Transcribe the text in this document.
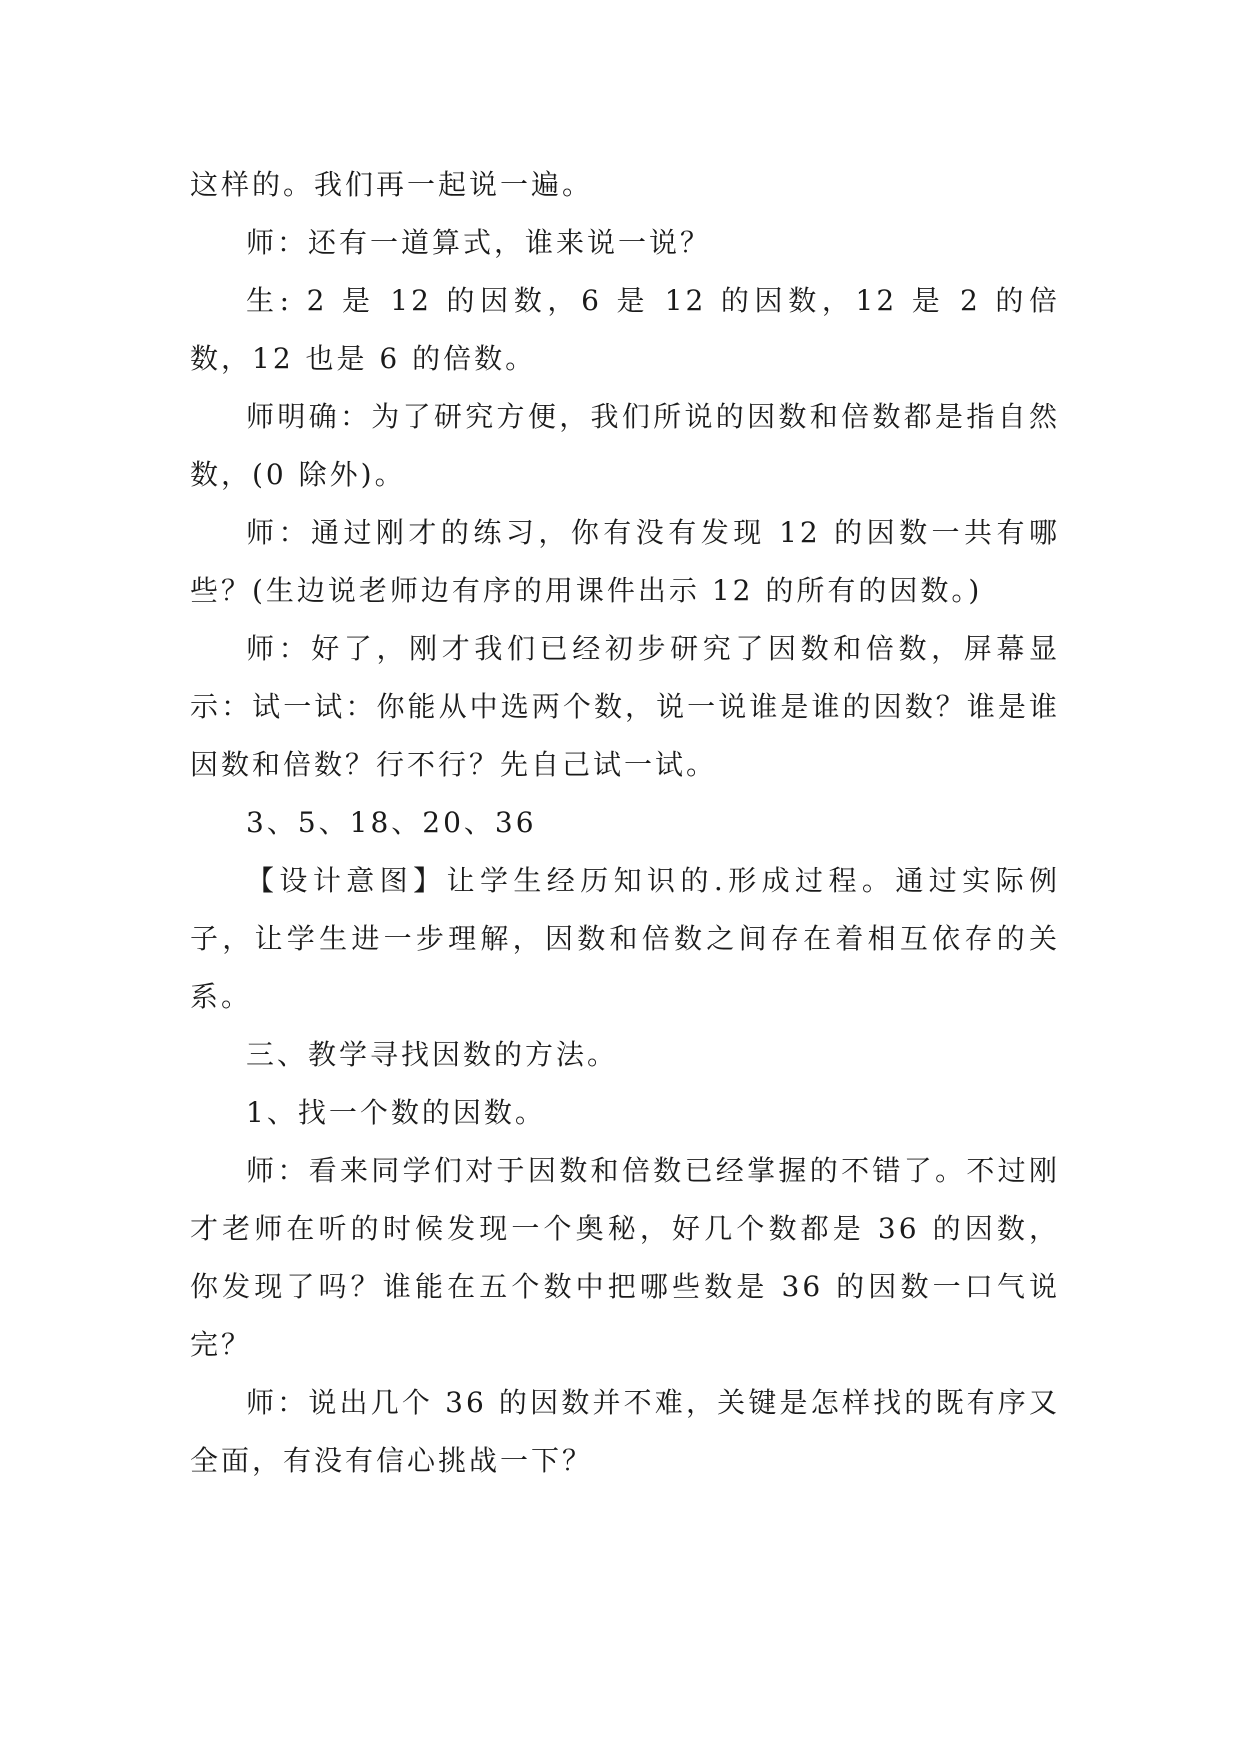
这样的。我们再一起说一遍。

师：还有一道算式，谁来说一说？

生: 2 是 12 的因数，6 是 12 的因数，12 是 2 的倍数，12 也是 6 的倍数。

师明确：为了研究方便，我们所说的因数和倍数都是指自然数，(0 除外)。

师：通过刚才的练习，你有没有发现 12 的因数一共有哪些？(生边说老师边有序的用课件出示 12 的所有的因数。)

师：好了，刚才我们已经初步研究了因数和倍数，屏幕显示：试一试：你能从中选两个数，说一说谁是谁的因数？谁是谁因数和倍数？行不行？先自己试一试。

3、5、18、20、36

【设计意图】让学生经历知识的.形成过程。通过实际例子，让学生进一步理解，因数和倍数之间存在着相互依存的关系。

三、教学寻找因数的方法。

1、找一个数的因数。

师：看来同学们对于因数和倍数已经掌握的不错了。不过刚才老师在听的时候发现一个奥秘，好几个数都是 36 的因数，你发现了吗？谁能在五个数中把哪些数是 36 的因数一口气说完？

师：说出几个 36 的因数并不难，关键是怎样找的既有序又全面，有没有信心挑战一下？
